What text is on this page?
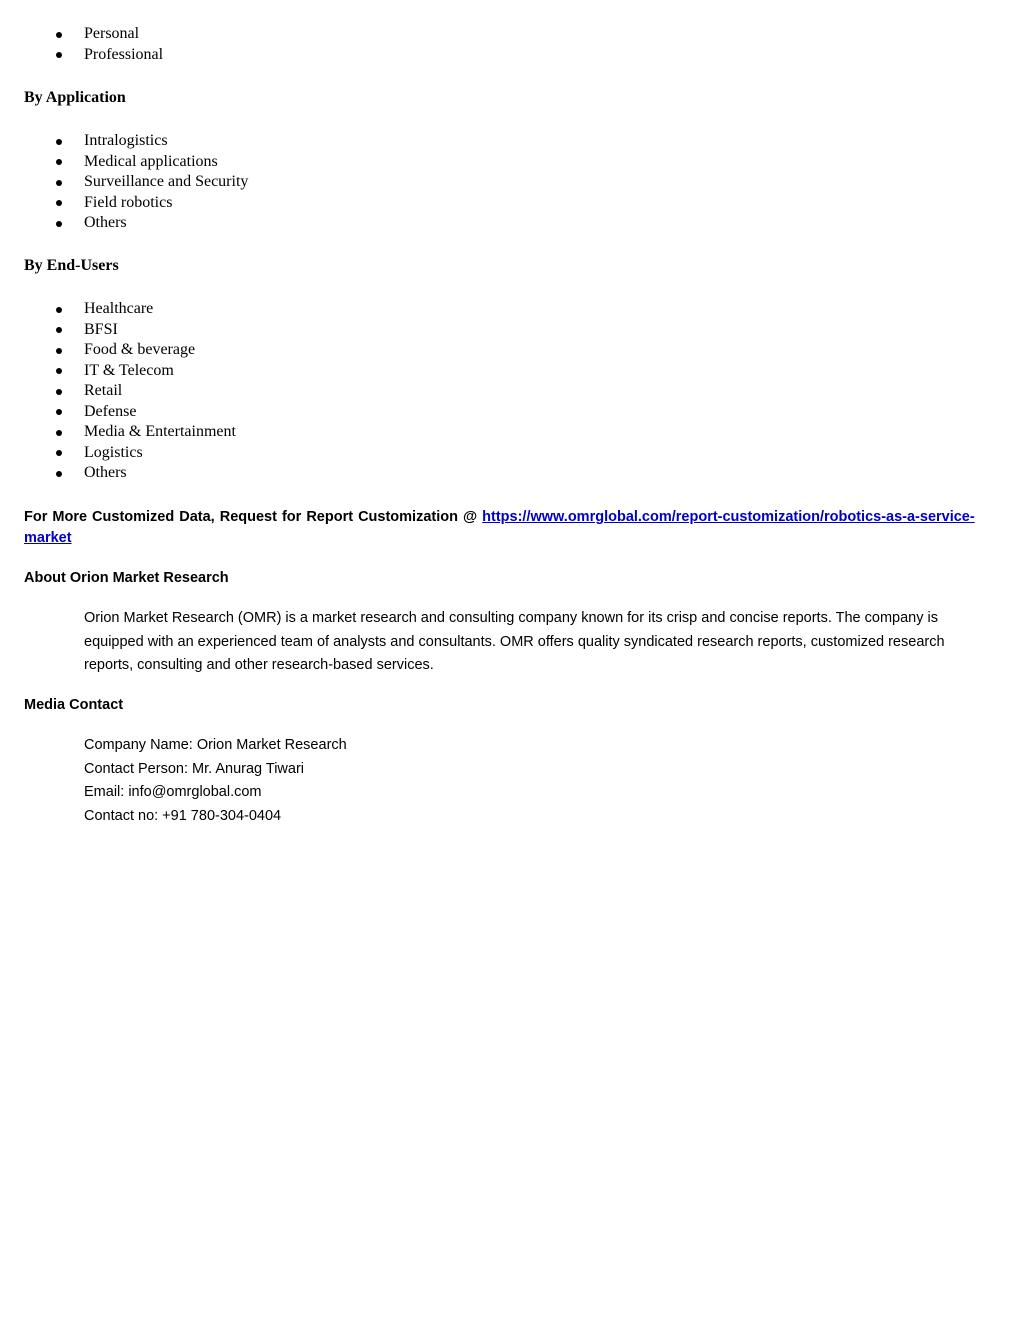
Personal
Professional
By Application
Intralogistics
Medical applications
Surveillance and Security
Field robotics
Others
By End-Users
Healthcare
BFSI
Food & beverage
IT & Telecom
Retail
Defense
Media & Entertainment
Logistics
Others
For More Customized Data, Request for Report Customization @ https://www.omrglobal.com/report-customization/robotics-as-a-service-market
About Orion Market Research
Orion Market Research (OMR) is a market research and consulting company known for its crisp and concise reports. The company is equipped with an experienced team of analysts and consultants. OMR offers quality syndicated research reports, customized research reports, consulting and other research-based services.
Media Contact
Company Name: Orion Market Research
Contact Person: Mr. Anurag Tiwari
Email: info@omrglobal.com
Contact no: +91 780-304-0404
